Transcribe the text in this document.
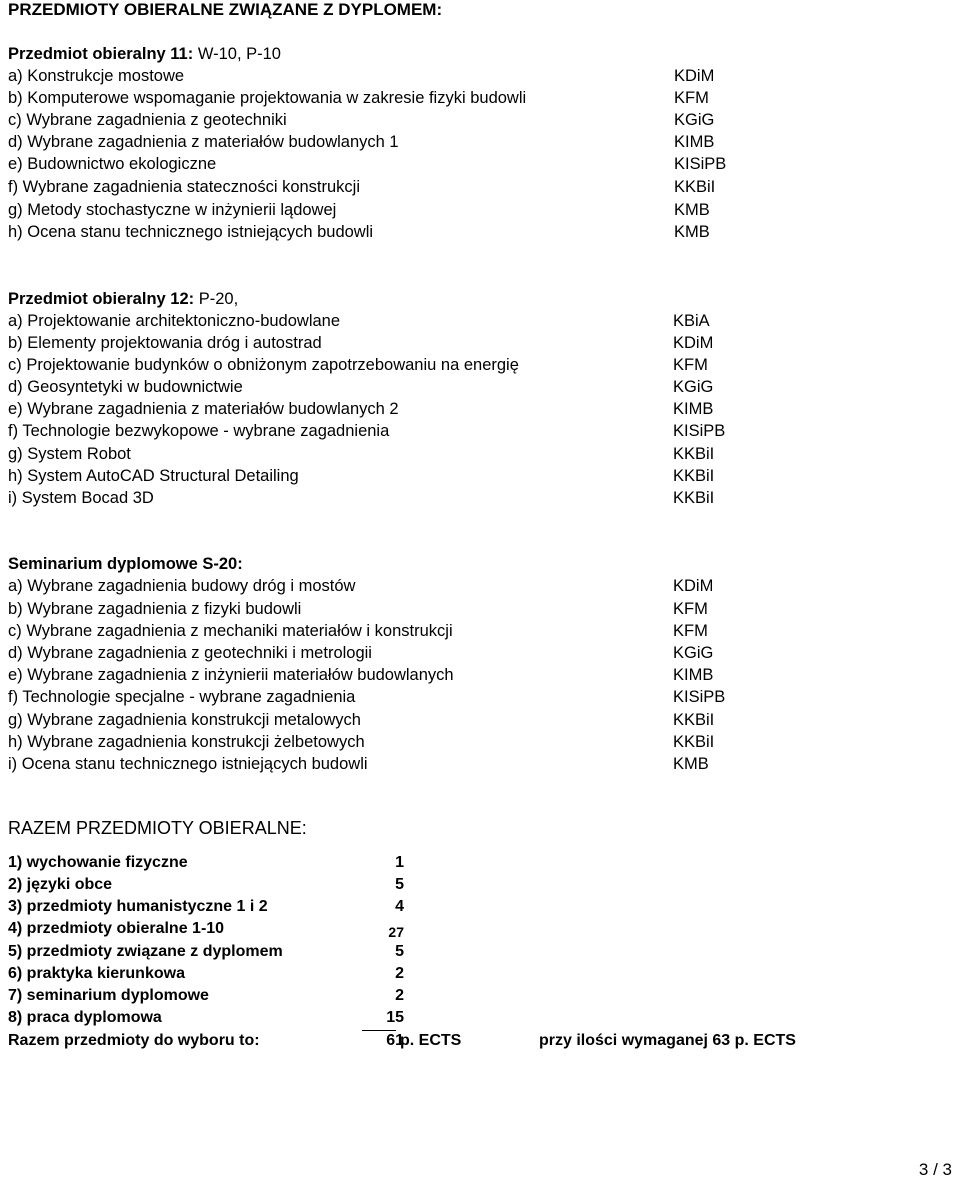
PRZEDMIOTY OBIERALNE ZWIĄZANE Z DYPLOMEM:
Przedmiot obieralny 11: W-10, P-10
a) Konstrukcje mostowe	KDiM
b) Komputerowe wspomaganie projektowania w zakresie fizyki budowli	KFM
c) Wybrane zagadnienia z geotechniki	KGiG
d) Wybrane zagadnienia z materiałów budowlanych 1	KIMB
e) Budownictwo ekologiczne	KISiPB
f) Wybrane zagadnienia stateczności konstrukcji	KKBiI
g) Metody stochastyczne w inżynierii lądowej	KMB
h) Ocena stanu technicznego istniejących budowli	KMB
Przedmiot obieralny 12: P-20,
a) Projektowanie architektoniczno-budowlane	KBiA
b) Elementy projektowania dróg i autostrad	KDiM
c) Projektowanie budynków o obniżonym zapotrzebowaniu na energię	KFM
d) Geosyntetyki w budownictwie	KGiG
e) Wybrane zagadnienia z materiałów budowlanych 2	KIMB
f) Technologie bezwykopowe - wybrane zagadnienia	KISiPB
g) System Robot	KKBiI
h) System AutoCAD Structural Detailing	KKBiI
i) System Bocad 3D	KKBiI
Seminarium dyplomowe S-20:
a) Wybrane zagadnienia budowy dróg i mostów	KDiM
b) Wybrane zagadnienia z fizyki budowli	KFM
c) Wybrane zagadnienia z mechaniki materiałów i konstrukcji	KFM
d) Wybrane zagadnienia z geotechniki i metrologii	KGiG
e) Wybrane zagadnienia z inżynierii materiałów budowlanych	KIMB
f) Technologie specjalne - wybrane zagadnienia	KISiPB
g) Wybrane zagadnienia konstrukcji metalowych	KKBiI
h) Wybrane zagadnienia konstrukcji żelbetowych	KKBiI
i) Ocena stanu technicznego istniejących budowli	KMB
RAZEM PRZEDMIOTY OBIERALNE:
1) wychowanie fizyczne	1
2) języki obce	5
3) przedmioty humanistyczne 1 i 2	4
4) przedmioty obieralne 1-10	27
5) przedmioty związane z dyplomem	5
6) praktyka kierunkowa	2
7) seminarium dyplomowe	2
8) praca dyplomowa	15
Razem przedmioty do wyboru to:	61
p. ECTS	przy ilości wymaganej 63 p. ECTS
3 / 3
